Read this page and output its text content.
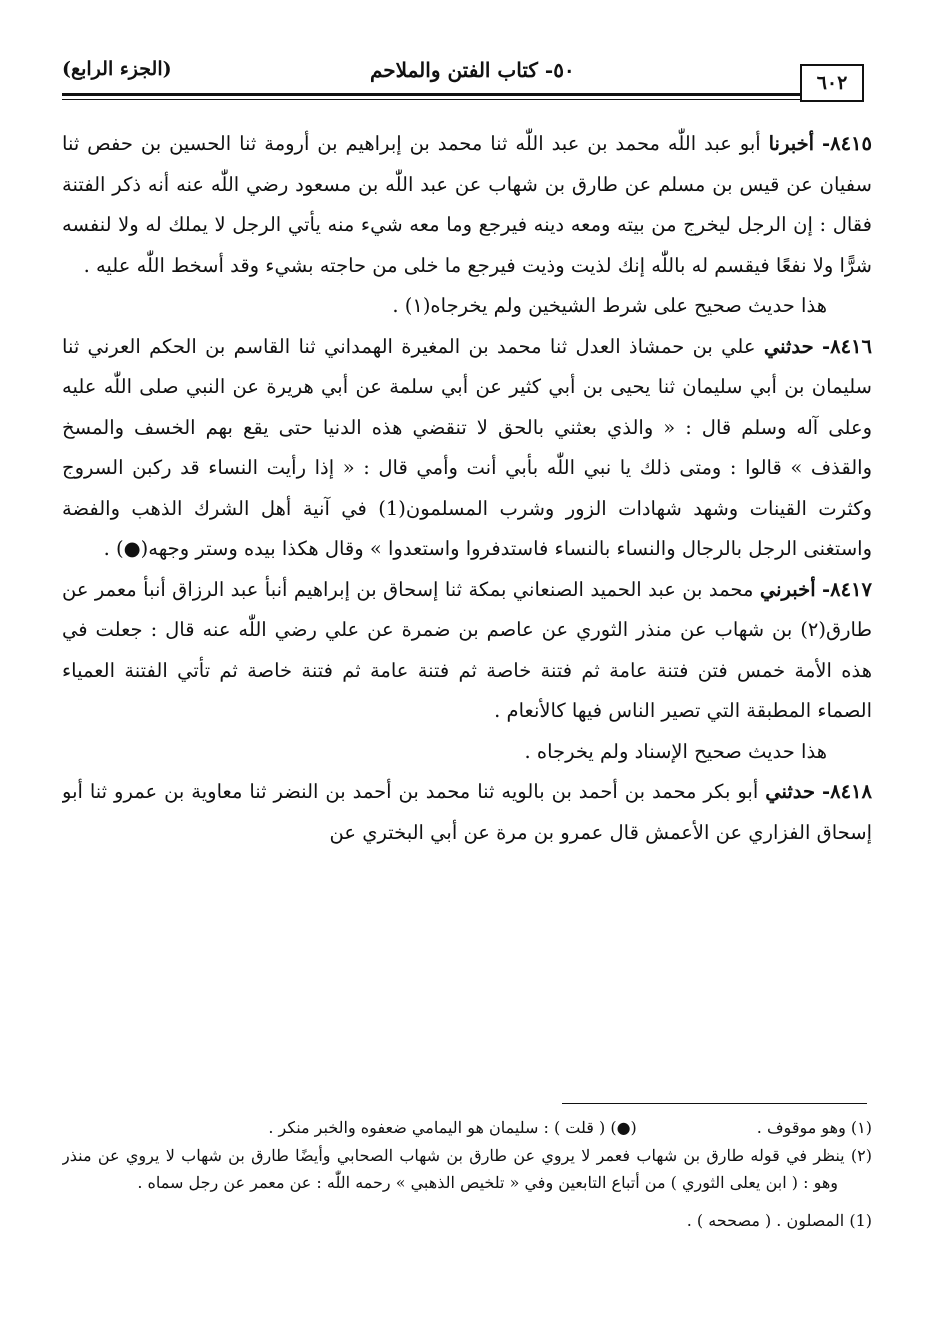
(الجزء الرابع)	٥٠- كتاب الفتن والملاحم
٦٠٢

٨٤١٥- أخبرنا أبو عبد اللّٰه محمد بن عبد اللّٰه ثنا محمد بن إبراهيم بن أرومة ثنا الحسين بن حفص ثنا سفيان عن قيس بن مسلم عن طارق بن شهاب عن عبد اللّٰه بن مسعود رضي اللّٰه عنه أنه ذكر الفتنة فقال : إن الرجل ليخرج من بيته ومعه دينه فيرجع وما معه شيء منه يأتي الرجل لا يملك له ولا لنفسه شرًّا ولا نفعًا فيقسم له باللّٰه إنك لذيت وذيت فيرجع ما خلى من حاجته بشيء وقد أسخط اللّٰه عليه .

هذا حديث صحيح على شرط الشيخين ولم يخرجاه(١) .

٨٤١٦- حدثني علي بن حمشاذ العدل ثنا محمد بن المغيرة الهمداني ثنا القاسم بن الحكم العرني ثنا سليمان بن أبي سليمان ثنا يحيى بن أبي كثير عن أبي سلمة عن أبي هريرة عن النبي صلى اللّٰه عليه وعلى آله وسلم قال : « والذي بعثني بالحق لا تنقضي هذه الدنيا حتى يقع بهم الخسف والمسخ والقذف » قالوا : ومتى ذلك يا نبي اللّٰه بأبي أنت وأمي قال : « إذا رأيت النساء قد ركبن السروج وكثرت القينات وشهد شهادات الزور وشرب المسلمون(1) في آنية أهل الشرك الذهب والفضة واستغنى الرجل بالرجال والنساء بالنساء فاستدفروا واستعدوا » وقال هكذا بيده وستر وجهه(●) .

٨٤١٧- أخبرني محمد بن عبد الحميد الصنعاني بمكة ثنا إسحاق بن إبراهيم أنبأ عبد الرزاق أنبأ معمر عن طارق(٢) بن شهاب عن منذر الثوري عن عاصم بن ضمرة عن علي رضي اللّٰه عنه قال : جعلت في هذه الأمة خمس فتن فتنة عامة ثم فتنة خاصة ثم فتنة عامة ثم فتنة خاصة ثم تأتي الفتنة العمياء الصماء المطبقة التي تصير الناس فيها كالأنعام .

هذا حديث صحيح الإسناد ولم يخرجاه .

٨٤١٨- حدثني أبو بكر محمد بن أحمد بن بالويه ثنا محمد بن أحمد بن النضر ثنا معاوية بن عمرو ثنا أبو إسحاق الفزاري عن الأعمش قال عمرو بن مرة عن أبي البختري عن

(١) وهو موقوف .
(●) ( قلت ) : سليمان هو اليمامي ضعفوه والخبر منكر .

(٢) ينظر في قوله طارق بن شهاب فعمر لا يروي عن طارق بن شهاب الصحابي وأيضًا طارق بن شهاب لا يروي عن منذر وهو : ( ابن يعلى الثوري ) من أتباع التابعين وفي « تلخيص الذهبي » رحمه اللّٰه : عن معمر عن رجل سماه .

(1) المصلون . ( مصححه ) .
